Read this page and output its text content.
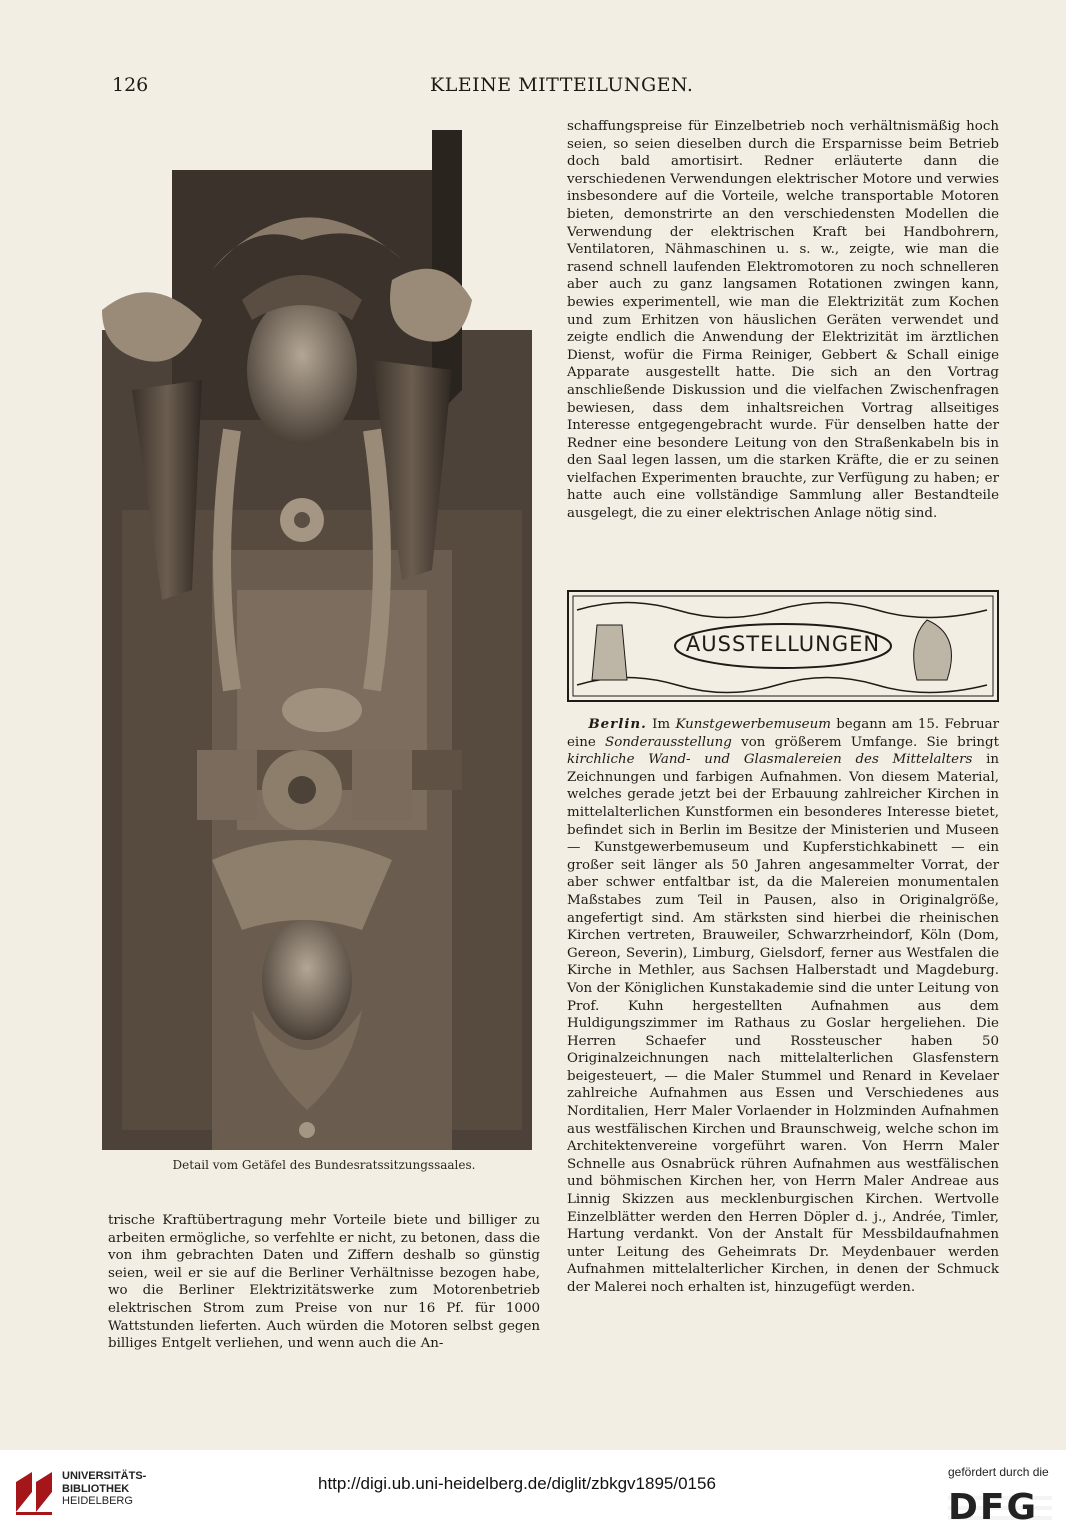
126	KLEINE MITTEILUNGEN.
Detail vom Getäfel des Bundesratssitzungssaales.

schaffungspreise für Einzelbetrieb noch verhältnismäßig hoch seien, so seien dieselben durch die Ersparnisse beim Betrieb doch bald amortisirt. Redner erläuterte dann die verschiedenen Verwendungen elektrischer Motore und verwies insbesondere auf die Vorteile, welche transportable Motoren bieten, demonstrirte an den verschiedensten Modellen die Verwendung der elektrischen Kraft bei Handbohrern, Ventilatoren, Nähmaschinen u. s. w., zeigte, wie man die rasend schnell laufenden Elektromotoren zu noch schnelleren aber auch zu ganz langsamen Rotationen zwingen kann, bewies experimentell, wie man die Elektrizität zum Kochen und zum Erhitzen von häuslichen Geräten verwendet und zeigte endlich die Anwendung der Elektrizität im ärztlichen Dienst, wofür die Firma Reiniger, Gebbert & Schall einige Apparate ausgestellt hatte. Die sich an den Vortrag anschließende Diskussion und die vielfachen Zwischenfragen bewiesen, dass dem inhaltsreichen Vortrag allseitiges Interesse entgegengebracht wurde. Für denselben hatte der Redner eine besondere Leitung von den Straßenkabeln bis in den Saal legen lassen, um die starken Kräfte, die er zu seinen vielfachen Experimenten brauchte, zur Verfügung zu haben; er hatte auch eine vollständige Sammlung aller Bestandteile ausgelegt, die zu einer elektrischen Anlage nötig sind.

AUSSTELLUNGEN

Berlin. Im Kunstgewerbemuseum begann am 15. Februar eine Sonderausstellung von größerem Umfange. Sie bringt kirchliche Wand- und Glasmalereien des Mittelalters in Zeichnungen und farbigen Aufnahmen. Von diesem Material, welches gerade jetzt bei der Erbauung zahlreicher Kirchen in mittelalterlichen Kunstformen ein besonderes Interesse bietet, befindet sich in Berlin im Besitze der Ministerien und Museen — Kunstgewerbemuseum und Kupferstichkabinett — ein großer seit länger als 50 Jahren angesammelter Vorrat, der aber schwer entfaltbar ist, da die Malereien monumentalen Maßstabes zum Teil in Pausen, also in Originalgröße, angefertigt sind. Am stärksten sind hierbei die rheinischen Kirchen vertreten, Brauweiler, Schwarzrheindorf, Köln (Dom, Gereon, Severin), Limburg, Gielsdorf, ferner aus Westfalen die Kirche in Methler, aus Sachsen Halberstadt und Magdeburg. Von der Königlichen Kunstakademie sind die unter Leitung von Prof. Kuhn hergestellten Aufnahmen aus dem Huldigungszimmer im Rathaus zu Goslar hergeliehen. Die Herren Schaefer und Rossteuscher haben 50 Originalzeichnungen nach mittelalterlichen Glasfenstern beigesteuert, — die Maler Stummel und Renard in Kevelaer zahlreiche Aufnahmen aus Essen und Verschiedenes aus Norditalien, Herr Maler Vorlaender in Holzminden Aufnahmen aus westfälischen Kirchen und Braunschweig, welche schon im Architektenvereine vorgeführt waren. Von Herrn Maler Schnelle aus Osnabrück rühren Aufnahmen aus westfälischen und böhmischen Kirchen her, von Herrn Maler Andreae aus Linnig Skizzen aus mecklenburgischen Kirchen. Wertvolle Einzelblätter werden den Herren Döpler d. j., Andrée, Timler, Hartung verdankt. Von der Anstalt für Messbildaufnahmen unter Leitung des Geheimrats Dr. Meydenbauer werden Aufnahmen mittelalterlicher Kirchen, in denen der Schmuck der Malerei noch erhalten ist, hinzugefügt werden.

trische Kraftübertragung mehr Vorteile biete und billiger zu arbeiten ermögliche, so verfehlte er nicht, zu betonen, dass die von ihm gebrachten Daten und Ziffern deshalb so günstig seien, weil er sie auf die Berliner Verhältnisse bezogen habe, wo die Berliner Elektrizitätswerke zum Motorenbetrieb elektrischen Strom zum Preise von nur 16 Pf. für 1000 Wattstunden lieferten. Auch würden die Motoren selbst gegen billiges Entgelt verliehen, und wenn auch die An-

UNIVERSITÄTS-
BIBLIOTHEK
HEIDELBERG
http://digi.ub.uni-heidelberg.de/diglit/zbkgv1895/0156
gefördert durch die
DFG
